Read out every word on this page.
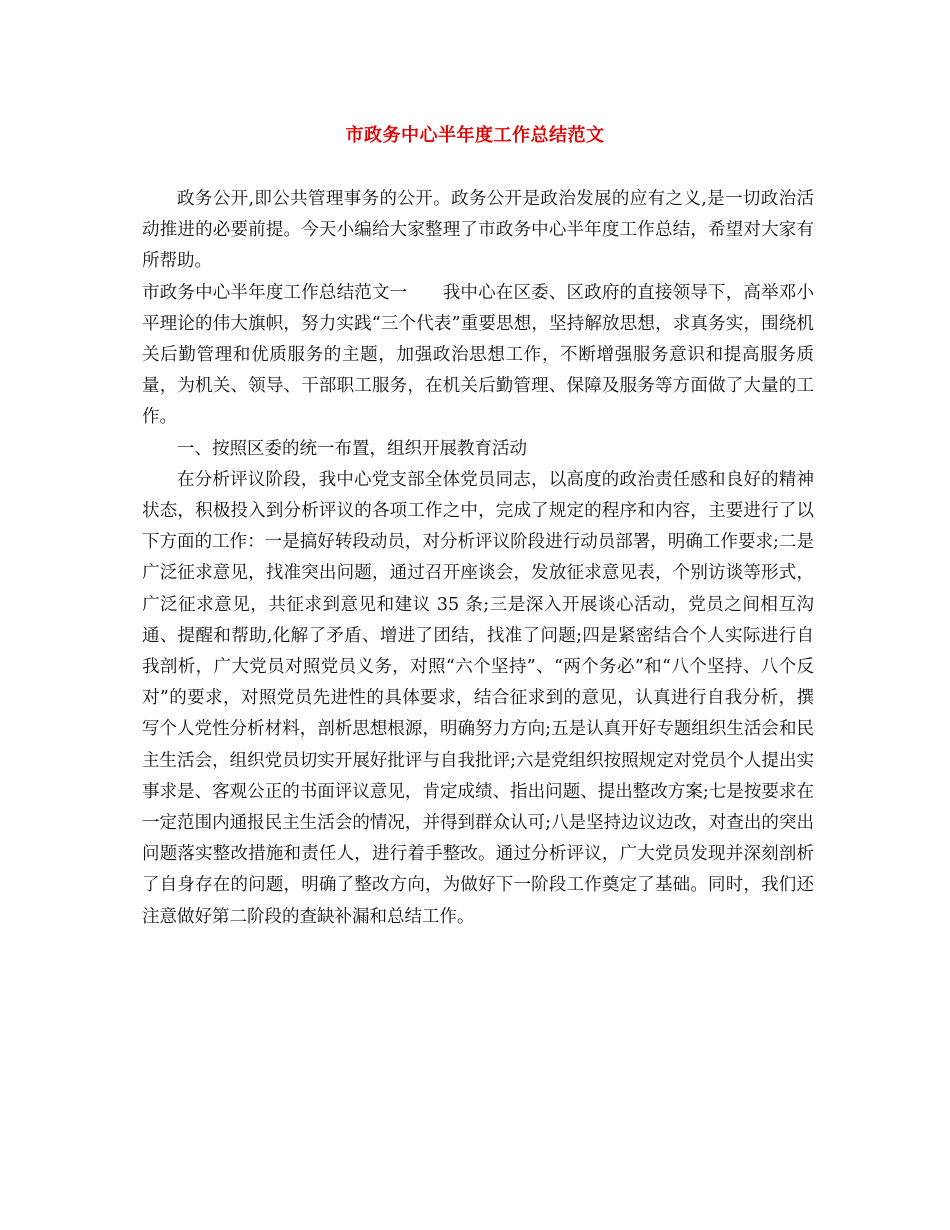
市政务中心半年度工作总结范文

政务公开,即公共管理事务的公开。政务公开是政治发展的应有之义,是一切政治活动推进的必要前提。今天小编给大家整理了市政务中心半年度工作总结，希望对大家有所帮助。

市政务中心半年度工作总结范文一　　我中心在区委、区政府的直接领导下，高举邓小平理论的伟大旗帜，努力实践“三个代表”重要思想，坚持解放思想，求真务实，围绕机关后勤管理和优质服务的主题，加强政治思想工作，不断增强服务意识和提高服务质量，为机关、领导、干部职工服务，在机关后勤管理、保障及服务等方面做了大量的工作。

一、按照区委的统一布置，组织开展教育活动

在分析评议阶段，我中心党支部全体党员同志，以高度的政治责任感和良好的精神状态，积极投入到分析评议的各项工作之中，完成了规定的程序和内容，主要进行了以下方面的工作：一是搞好转段动员，对分析评议阶段进行动员部署，明确工作要求;二是广泛征求意见，找准突出问题，通过召开座谈会，发放征求意见表，个别访谈等形式，广泛征求意见，共征求到意见和建议 35 条;三是深入开展谈心活动，党员之间相互沟通、提醒和帮助,化解了矛盾、增进了团结，找准了问题;四是紧密结合个人实际进行自我剖析，广大党员对照党员义务，对照“六个坚持”、“两个务必”和“八个坚持、八个反对”的要求，对照党员先进性的具体要求，结合征求到的意见，认真进行自我分析，撰写个人党性分析材料，剖析思想根源，明确努力方向;五是认真开好专题组织生活会和民主生活会，组织党员切实开展好批评与自我批评;六是党组织按照规定对党员个人提出实事求是、客观公正的书面评议意见，肯定成绩、指出问题、提出整改方案;七是按要求在一定范围内通报民主生活会的情况，并得到群众认可;八是坚持边议边改，对查出的突出问题落实整改措施和责任人，进行着手整改。通过分析评议，广大党员发现并深刻剖析了自身存在的问题，明确了整改方向，为做好下一阶段工作奠定了基础。同时，我们还注意做好第二阶段的查缺补漏和总结工作。
